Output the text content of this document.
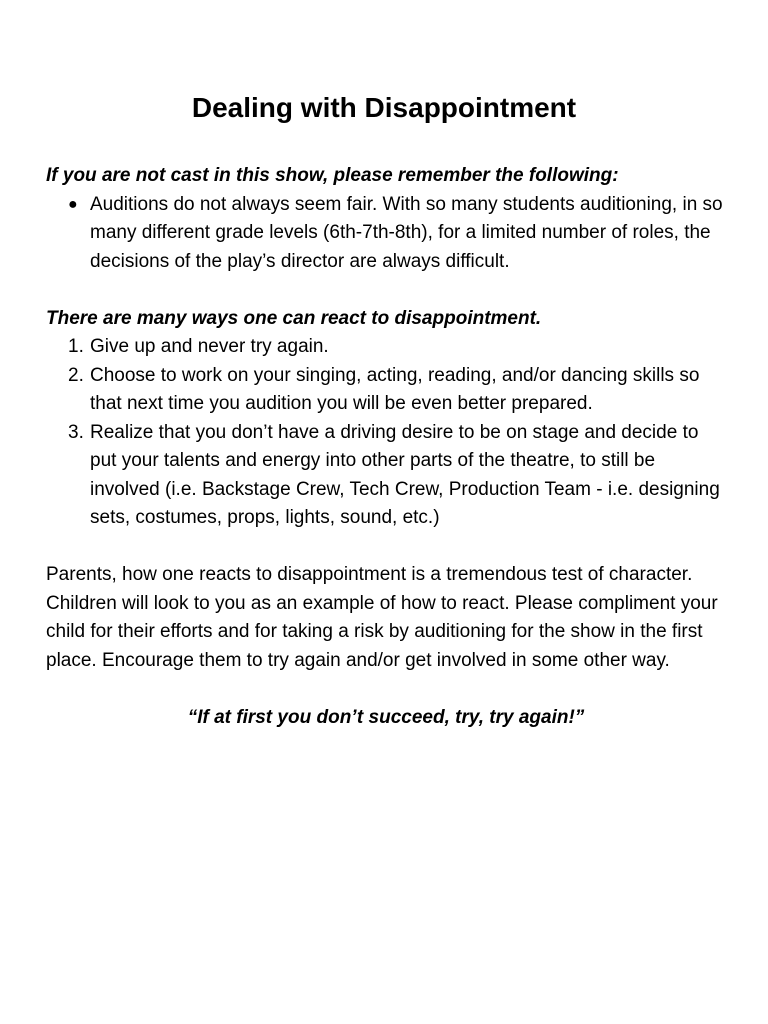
Dealing with Disappointment

If you are not cast in this show, please remember the following:

● Auditions do not always seem fair. With so many students auditioning, in so many different grade levels (6th-7th-8th), for a limited number of roles, the decisions of the play’s director are always difficult.

There are many ways one can react to disappointment.

1. Give up and never try again.
2. Choose to work on your singing, acting, reading, and/or dancing skills so that next time you audition you will be even better prepared.
3. Realize that you don’t have a driving desire to be on stage and decide to put your talents and energy into other parts of the theatre, to still be involved (i.e. Backstage Crew, Tech Crew, Production Team - i.e. designing sets, costumes, props, lights, sound, etc.)

Parents, how one reacts to disappointment is a tremendous test of character. Children will look to you as an example of how to react. Please compliment your child for their efforts and for taking a risk by auditioning for the show in the first place. Encourage them to try again and/or get involved in some other way.

“If at first you don’t succeed, try, try again!”
